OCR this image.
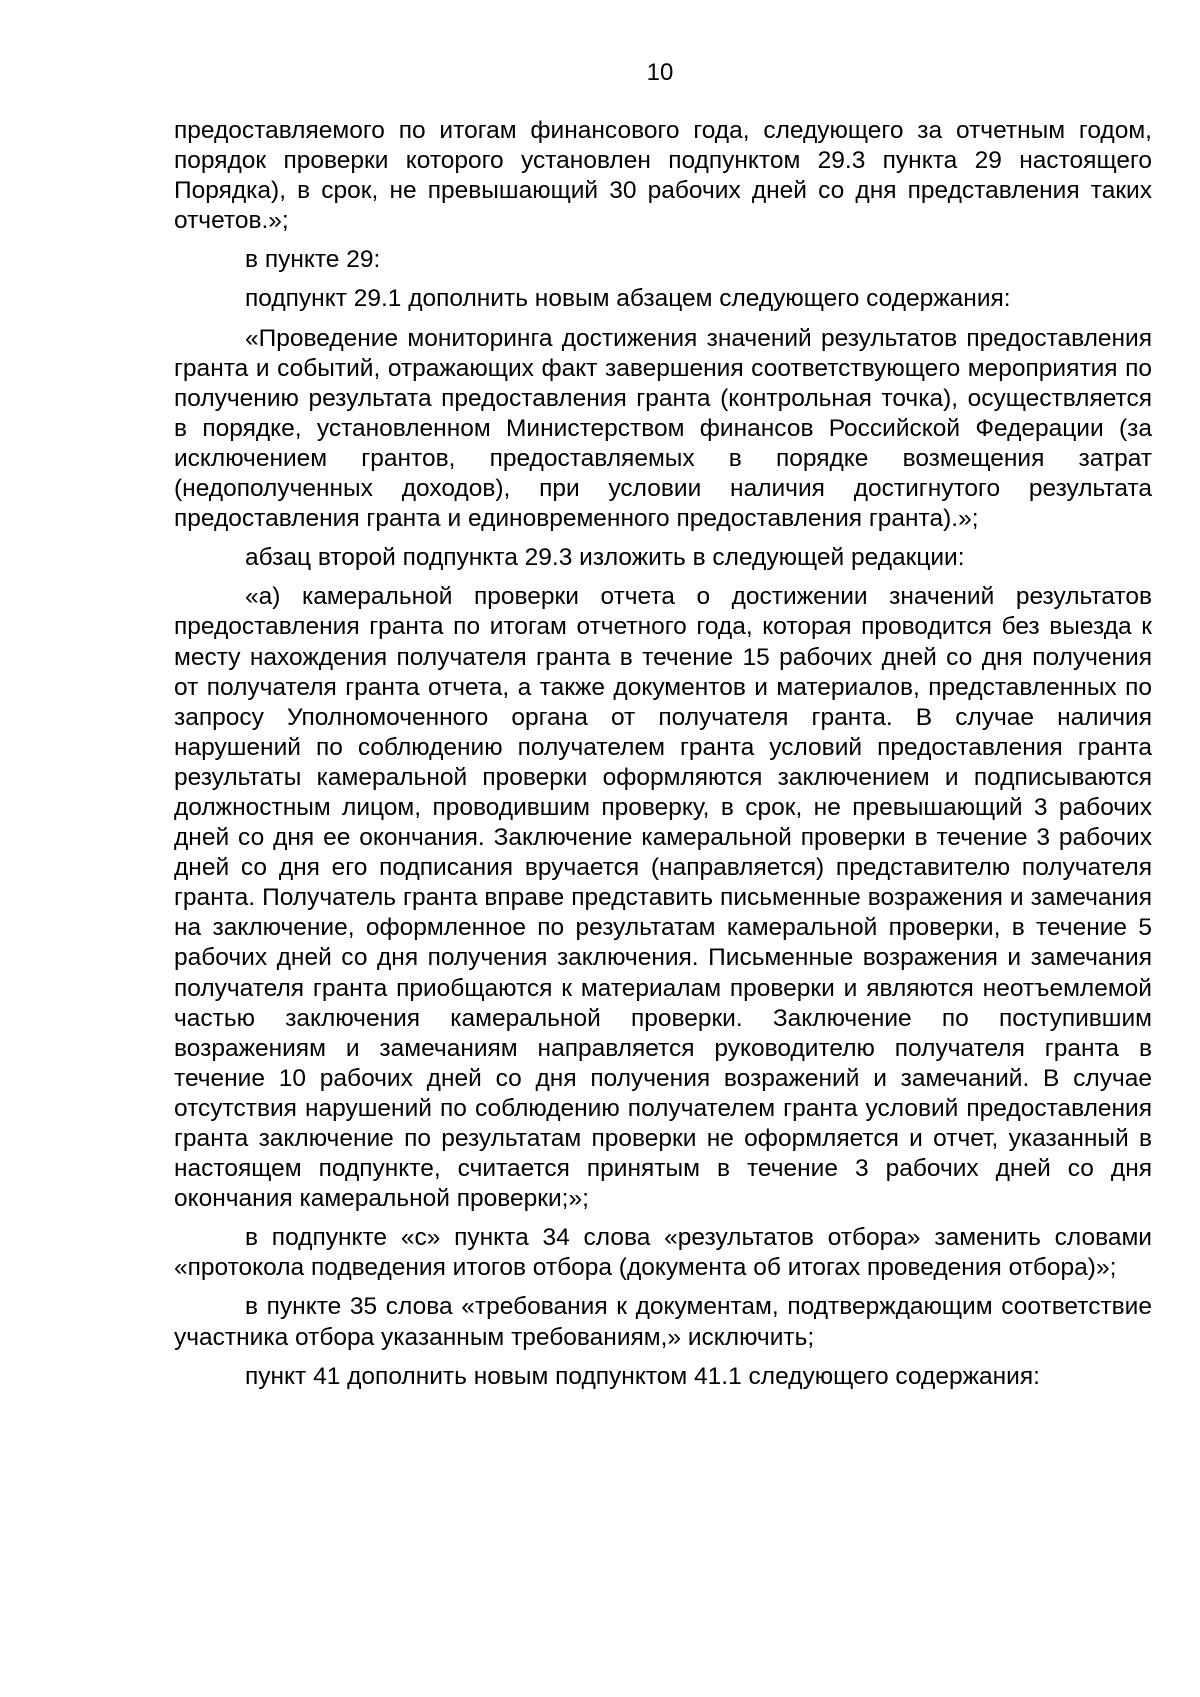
10

предоставляемого по итогам финансового года, следующего за отчетным годом, порядок проверки которого установлен подпунктом 29.3 пункта 29 настоящего Порядка), в срок, не превышающий 30 рабочих дней со дня представления таких отчетов.»;

в пункте 29:

подпункт 29.1 дополнить новым абзацем следующего содержания:

«Проведение мониторинга достижения значений результатов предоставления гранта и событий, отражающих факт завершения соответствующего мероприятия по получению результата предоставления гранта (контрольная точка), осуществляется в порядке, установленном Министерством финансов Российской Федерации (за исключением грантов, предоставляемых в порядке возмещения затрат (недополученных доходов), при условии наличия достигнутого результата предоставления гранта и единовременного предоставления гранта).»;

абзац второй подпункта 29.3 изложить в следующей редакции:

«а) камеральной проверки отчета о достижении значений результатов предоставления гранта по итогам отчетного года, которая проводится без выезда к месту нахождения получателя гранта в течение 15 рабочих дней со дня получения от получателя гранта отчета, а также документов и материалов, представленных по запросу Уполномоченного органа от получателя гранта. В случае наличия нарушений по соблюдению получателем гранта условий предоставления гранта результаты камеральной проверки оформляются заключением и подписываются должностным лицом, проводившим проверку, в срок, не превышающий 3 рабочих дней со дня ее окончания. Заключение камеральной проверки в течение 3 рабочих дней со дня его подписания вручается (направляется) представителю получателя гранта. Получатель гранта вправе представить письменные возражения и замечания на заключение, оформленное по результатам камеральной проверки, в течение 5 рабочих дней со дня получения заключения. Письменные возражения и замечания получателя гранта приобщаются к материалам проверки и являются неотъемлемой частью заключения камеральной проверки. Заключение по поступившим возражениям и замечаниям направляется руководителю получателя гранта в течение 10 рабочих дней со дня получения возражений и замечаний. В случае отсутствия нарушений по соблюдению получателем гранта условий предоставления гранта заключение по результатам проверки не оформляется и отчет, указанный в настоящем подпункте, считается принятым в течение 3 рабочих дней со дня окончания камеральной проверки;»;

в подпункте «с» пункта 34 слова «результатов отбора» заменить словами «протокола подведения итогов отбора (документа об итогах проведения отбора)»;

в пункте 35 слова «требования к документам, подтверждающим соответствие участника отбора указанным требованиям,» исключить;

пункт 41 дополнить новым подпунктом 41.1 следующего содержания:
